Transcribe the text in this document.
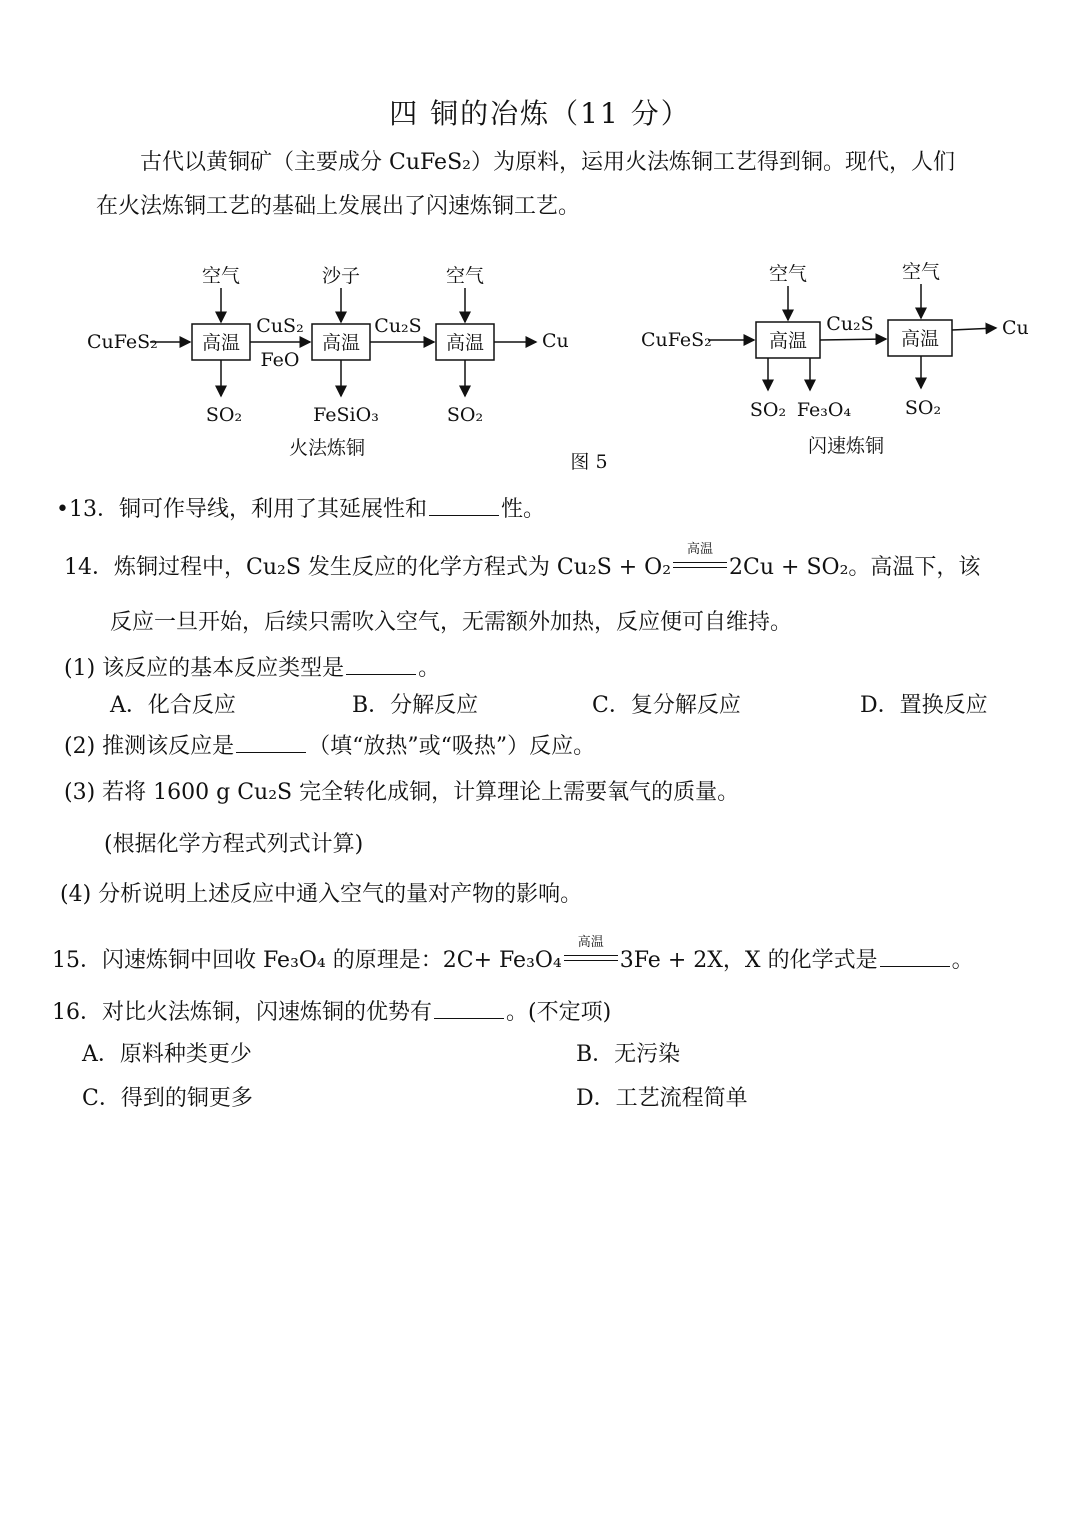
四 铜的冶炼（11 分）
古代以黄铜矿（主要成分 CuFeS₂）为原料，运用火法炼铜工艺得到铜。现代，人们
在火法炼铜工艺的基础上发展出了闪速炼铜工艺。
CuFeS₂ 高温	高温	高温
空气	沙子	空气
CuS₂
FeO
Cu₂S
Cu
SO₂	FeSiO₃	SO₂
火法炼铜
CuFeS₂	高温	高温
空气	空气
Cu₂S	Cu
SO₂ Fe₃O₄	SO₂
闪速炼铜
图 5
•13．铜可作导线，利用了其延展性和	性。
14．炼铜过程中，Cu₂S 发生反应的化学方程式为 Cu₂S + O₂
高温
2Cu + SO₂。高温下，该
反应一旦开始，后续只需吹入空气，无需额外加热，反应便可自维持。
(1) 该反应的基本反应类型是	。
A．化合反应	B．分解反应	C．复分解反应	D．置换反应
(2) 推测该反应是	（填“放热”或“吸热”）反应。
(3) 若将 1600 g Cu₂S 完全转化成铜，计算理论上需要氧气的质量。
(根据化学方程式列式计算)
(4) 分析说明上述反应中通入空气的量对产物的影响。
15．闪速炼铜中回收 Fe₃O₄ 的原理是：2C+ Fe₃O₄
高温
3Fe + 2X，X 的化学式是	。
16．对比火法炼铜，闪速炼铜的优势有	。(不定项)
A．原料种类更少	B．无污染
C．得到的铜更多	D．工艺流程简单
